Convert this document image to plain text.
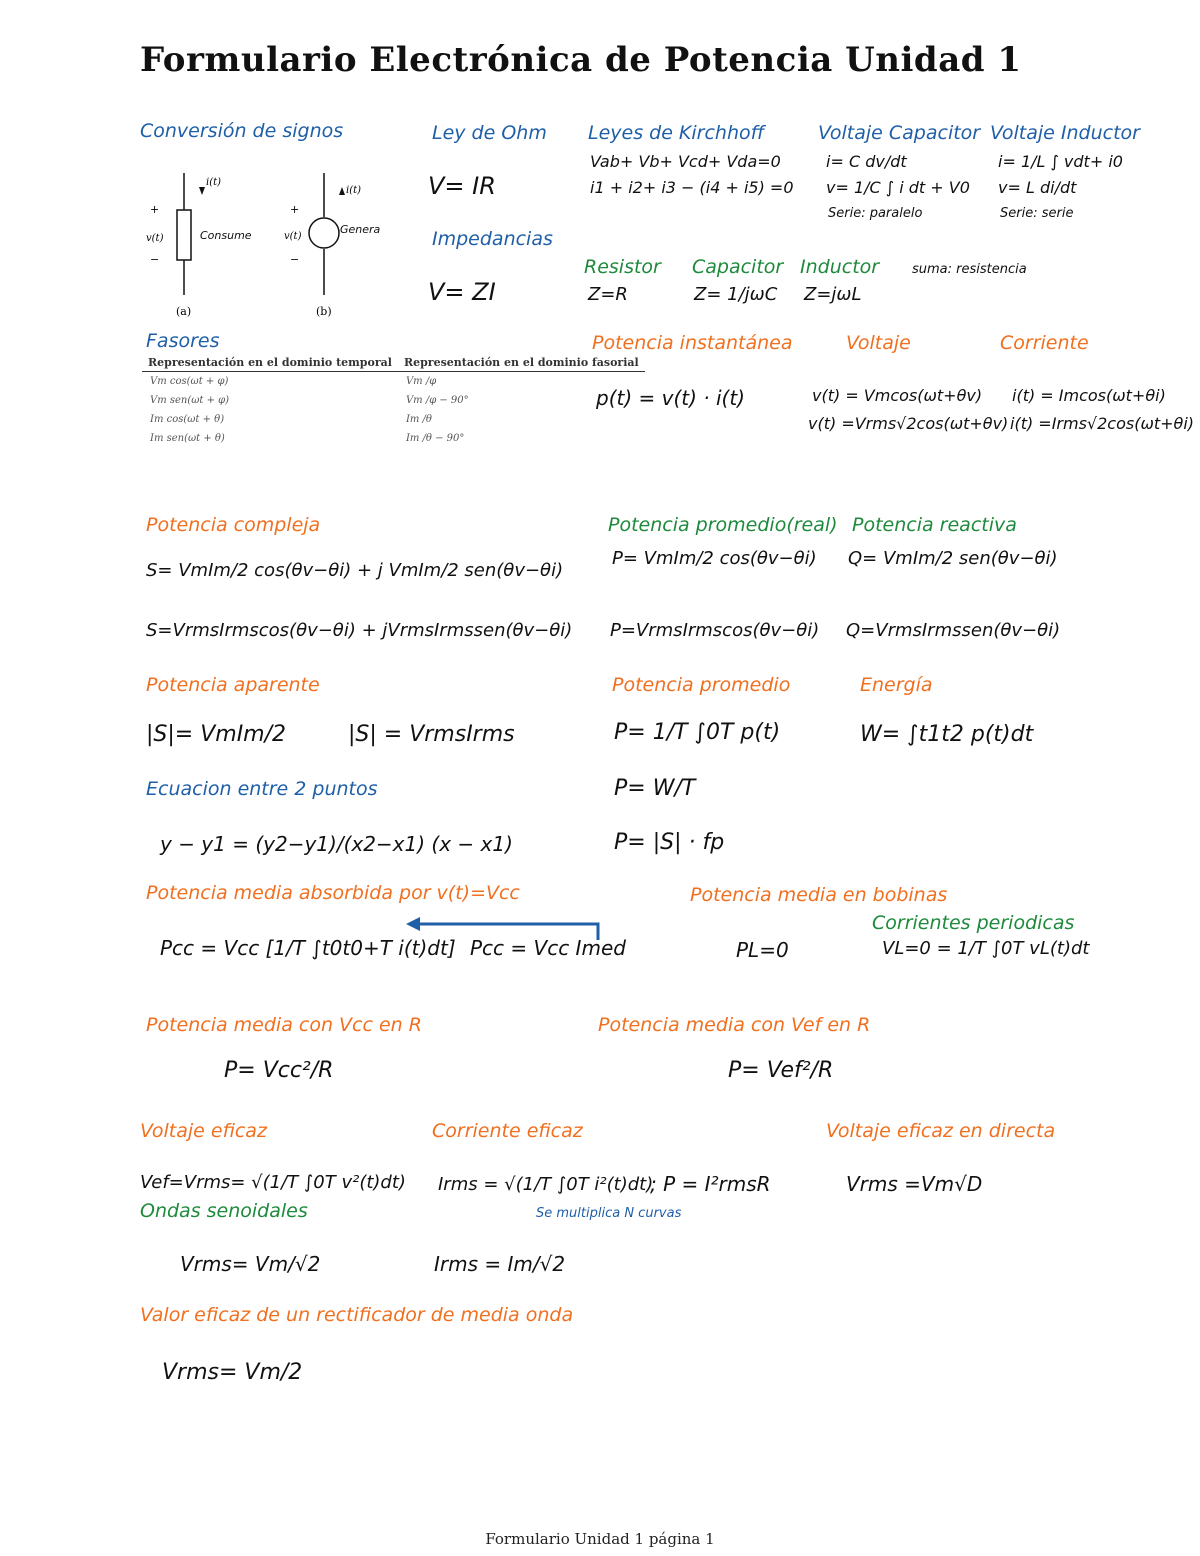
Formulario Electrónica de Potencia Unidad 1
Conversión de signos
+
−
i(t)
v(t)	Consume
(a)
+
−
i(t)
v(t)
Genera
(b)
Ley de Ohm
V= IR
Impedancias
V= ZI
Leyes de Kirchhoff
Vab+ Vb+ Vcd+ Vda=0
i1 + i2+ i3 − (i4 + i5) =0
Voltaje Capacitor
i= C dv/dt
v= 1/C ∫ i dt + V0
Serie: paralelo
Voltaje Inductor
i= 1/L ∫ vdt+ i0
v= L di/dt
Serie: serie
Resistor
Z=R
Capacitor
Z= 1/jωC
Inductor
Z=jωL
suma: resistencia
Fasores
Representación en el dominio temporal	Representación en el dominio fasorial
Vm cos(ωt + φ)	Vm /φ
Vm sen(ωt + φ)	Vm /φ − 90°
Im cos(ωt + θ)	Im /θ
Im sen(ωt + θ)	Im /θ − 90°
Potencia instantánea
p(t) = v(t) · i(t)
Voltaje
v(t) = Vmcos(ωt+θv)
v(t) =Vrms√2cos(ωt+θv)
Corriente
i(t) = Imcos(ωt+θi)
i(t) =Irms√2cos(ωt+θi)
Potencia compleja
S= VmIm/2 cos(θv−θi) + j VmIm/2 sen(θv−θi)
S=VrmsIrmscos(θv−θi) + jVrmsIrmssen(θv−θi)
Potencia promedio(real)
P= VmIm/2 cos(θv−θi)
P=VrmsIrmscos(θv−θi)
Potencia reactiva
Q= VmIm/2 sen(θv−θi)
Q=VrmsIrmssen(θv−θi)
Potencia aparente
|S|= VmIm/2	|S| = VrmsIrms
Potencia promedio
P= 1/T ∫0T p(t)
P= W/T
P= |S| · fp
Energía
W= ∫t1t2 p(t)dt
Ecuacion entre 2 puntos
y − y1 = (y2−y1)/(x2−x1) (x − x1)
Potencia media absorbida por v(t)=Vcc
Pcc = Vcc [1/T ∫t0t0+T i(t)dt] Pcc = Vcc Imed
Potencia media en bobinas
Corrientes periodicas
PL=0	VL=0 = 1/T ∫0T vL(t)dt
Potencia media con Vcc en R
P= Vcc²/R
Potencia media con Vef en R
P= Vef²/R
Voltaje eficaz
Vef=Vrms= √(1/T ∫0T v²(t)dt)
Ondas senoidales
Vrms= Vm/√2
Corriente eficaz
Irms = √(1/T ∫0T i²(t)dt)
; P = I²rmsR
Se multiplica N curvas
Irms = Im/√2
Voltaje eficaz en directa
Vrms =Vm√D
Valor eficaz de un rectificador de media onda
Vrms= Vm/2
Formulario Unidad 1 página 1
